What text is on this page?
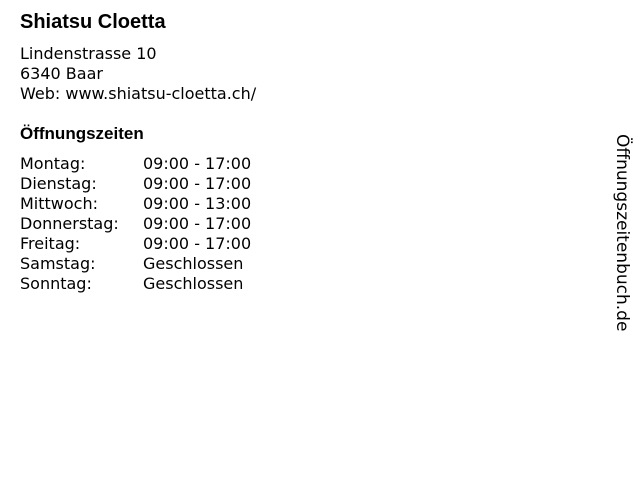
Shiatsu Cloetta
Lindenstrasse 10
6340 Baar
Web: www.shiatsu-cloetta.ch/
Öffnungszeiten
Montag:	09:00 - 17:00
Dienstag:	09:00 - 17:00
Mittwoch:	09:00 - 13:00
Donnerstag:	09:00 - 17:00
Freitag:	09:00 - 17:00
Samstag:	Geschlossen
Sonntag:	Geschlossen	Öffnungszeitenbuch.de
